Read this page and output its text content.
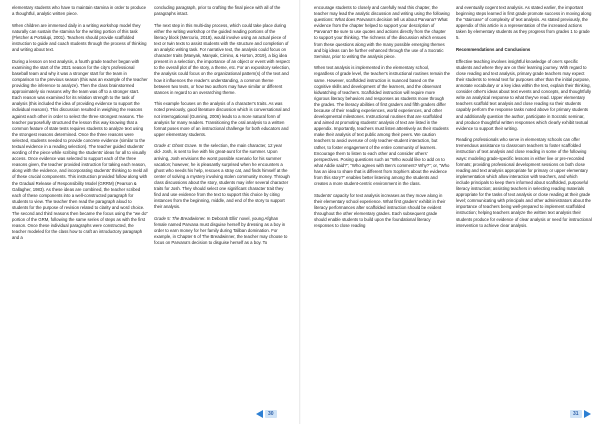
elementary students who have to maintain stamina in order to produce a thoughtful, analytic written piece.

When children are immersed daily in a writing workshop model they naturally can sustain the stamina for the writing portion of this task (Fletcher & Portalupi, 2001). Teachers should provide scaffolded instruction to guide and coach students through the process of thinking and writing about text.

During a lesson on text analysis, a fourth grade teacher began with examining the start of the 2021 season for the city's professional baseball team and why it was a stronger start for the team in comparison to the previous season (this was an example of the teacher providing the inference to analyze). Then the class brainstormed approximately six reasons why the team was off to a stronger start. Each reason was examined for its relation strength to the task of analysis (this included the idea of providing evidence to support the individual reasons). This discussion resulted in weighing the reasons against each other in order to select the three strongest reasons. The teacher purposefully structured the lesson this way knowing that a common feature of state tests requires students to analyze text using the strongest reasons determined. Once the three reasons were selected, students needed to provide concrete evidence (similar to the textual evidence in a reading selection). The teacher guided students' wording of the piece while scribing the students' ideas for all to visually access. Once evidence was selected to support each of the three reasons given, the teacher provided instruction for taking each reason, along with the evidence, and incorporating students' thinking to meld all of these crucial components. This instruction provided follow along with the Gradual Release of Responsibility Model (GRRM) (Pearson & Gallagher, 1983). As these ideas are combined, the teacher scribed each of these components into a well-constructed paragraph for students to view. The teacher then read the paragraph aloud to students for the purpose of revision related to clarity and word choice. The second and third reasons then became the focus using the "we do" portion of the GRM, following the same series of steps as with the first reason. Once these individual paragraphs were constructed, the teacher modeled for the class how to craft an introductory paragraph and a

concluding paragraph, prior to crafting the final piece with all of the paragraphs intact.

The next step in this multi-day process, which could take place during either the writing workshop or the guided reading portions of the literacy block (Mercurio, 2018), would involve using an actual piece of text or twin texts to assist students with the structure and completion of an analytic writing task. For narrative text, the analysis could focus on character traits (Manyak, Manyak, Cimino, & Horton, 2019), a big idea present in a selection, the importance of an object or event with respect to the overall plot of the story, a theme, etc. For an expository selection, the analysis could focus on the organizational pattern(s) of the text and how it influences the reader's understanding, a common theme between two texts, or how two authors may have similar or different stances in regard to an overarching theme.

This example focuses on the analysis of a character's traits. As was noted previously, good literature discussion which is conversational and not interrogational (Gunning, 2006) leads to a more natural form of analysis for many readers. Transitioning the oral analysis to a written format poses more of an instructional challenge for both educators and upper elementary students.

Grade 4: Ghost Grave. In the selection, the main character, 12 year old- Josh, is sent to live with his great-aunt for the summer. Upon arriving, Josh envisions the worst possible scenario for his summer vacation; however, he is pleasantly surprised when he encounters a ghost who needs his help, rescues a stray cat, and finds himself at the center of solving a mystery involving stolen community money. Through class discussions about the story, students may infer several character traits for Josh. They should select one significant character trait they find and use evidence from the text to support this choice by citing instances from the beginning, middle, and end of the story to support their analysis.

Grade 5: The Breadwinner. In Deborah Ellis' novel, young Afghan female named Parvana must disguise herself by dressing as a boy in order to earn money for her family during Taliban domination. For example, in Chapter 6 of The Breadwinner, the teacher may choose to focus on Parvana's decision to disguise herself as a boy. To

30

encourage students to closely and carefully read this chapter, the teacher may lead the analytic discussion and writing using the following questions: What does Parvana's decision tell us about Parvana? What evidence from the chapter helped to support your description of Parvana? Be sure to use quotes and actions directly from the chapter to support your thinking. The richness of the discussion which ensues from these questions along with the many possible emerging themes and big ideas can be further enhanced through the use of a Socratic Seminar, prior to writing the analysis piece.

When text analysis is implemented in the elementary school, regardless of grade level, the teacher's instructional routines remain the same. However, scaffolded instruction is nuanced based on the cognitive skills and development of the learners, and the observant kidwatching of teachers. Scaffolded instruction will require more rigorous literacy behaviors and responses as students move through the grades. The literacy abilities of first graders and fifth graders differ because of their reading experiences, world experiences, and other developmental milestones. Instructional routines that are scaffolded and aimed at promoting students' analysis of text are listed in the appendix. Importantly, teachers must listen attentively as their students make their analysis of text public among their peers. We caution teachers to avoid overuse of only teacher-student interaction, but rather, to foster engagement of the entire community of learners. Encourage them to listen to each other and consider others' perspectives. Posing questions such as "Who would like to add on to what Addie said?"; "Who agrees with Ben's comment? Why?"; or, "Who has an idea to share that is different from Sophie's about the evidence from this story?" enables better listening among the students and creates a more student-centric environment in the class.

Students' capacity for text analysis increases as they move along in their elementary school experience. What first graders' exhibit in their literacy performances after scaffolded instruction should be evident throughout the other elementary grades. Each subsequent grade should enable students to build upon the foundational literacy responses to close reading

and eventually cogent text analysis. As stated earlier, the important beginning steps learned in first grade promote success in moving along the "staircase" of complexity of text analysis. As stated previously, the appendix of this article is a representation of the increased actions taken by elementary students as they progress from grades 1 to grade 5.

Recommendations and Conclusions

Effective teaching involves insightful knowledge of one's specific students and where they are on their learning journey. With regard to close reading and text analysis, primary grade teachers may expect their students to reread text for purposes other than the initial purpose, annotate vocabulary or a key idea within the text, explain their thinking, consider other's ideas about text events and concepts, and thoughtfully write an analytical response to what they've read. Upper elementary teachers scaffold text analysis and close reading so their students capably perform the response tasks noted above for primary students and additionally question the author, participate in Socratic seminar, and produce thoughtful written responses which clearly exhibit textual evidence to support their writing.

Reading professionals who serve in elementary schools can offer tremendous assistance to classroom teachers to foster scaffolded instruction of text analysis and close reading in some of the following ways: modeling grade-specific lessons in either live or pre-recorded formats; providing professional development sessions on both close reading and text analysis appropriate for primary or upper elementary implementation which allow interaction with teachers, and which include principals to keep them informed about scaffolded, purposeful literacy instruction; assisting teachers in selecting reading materials appropriate for the tasks of text analysis or close reading at their grade level; communicating with principals and other administrators about the importance of teachers being well-prepared to implement scaffolded instruction; helping teachers analyze the written text analysis their students produce for evidence of clear analysis or need for instructional intervention to achieve clear analysis.

31
